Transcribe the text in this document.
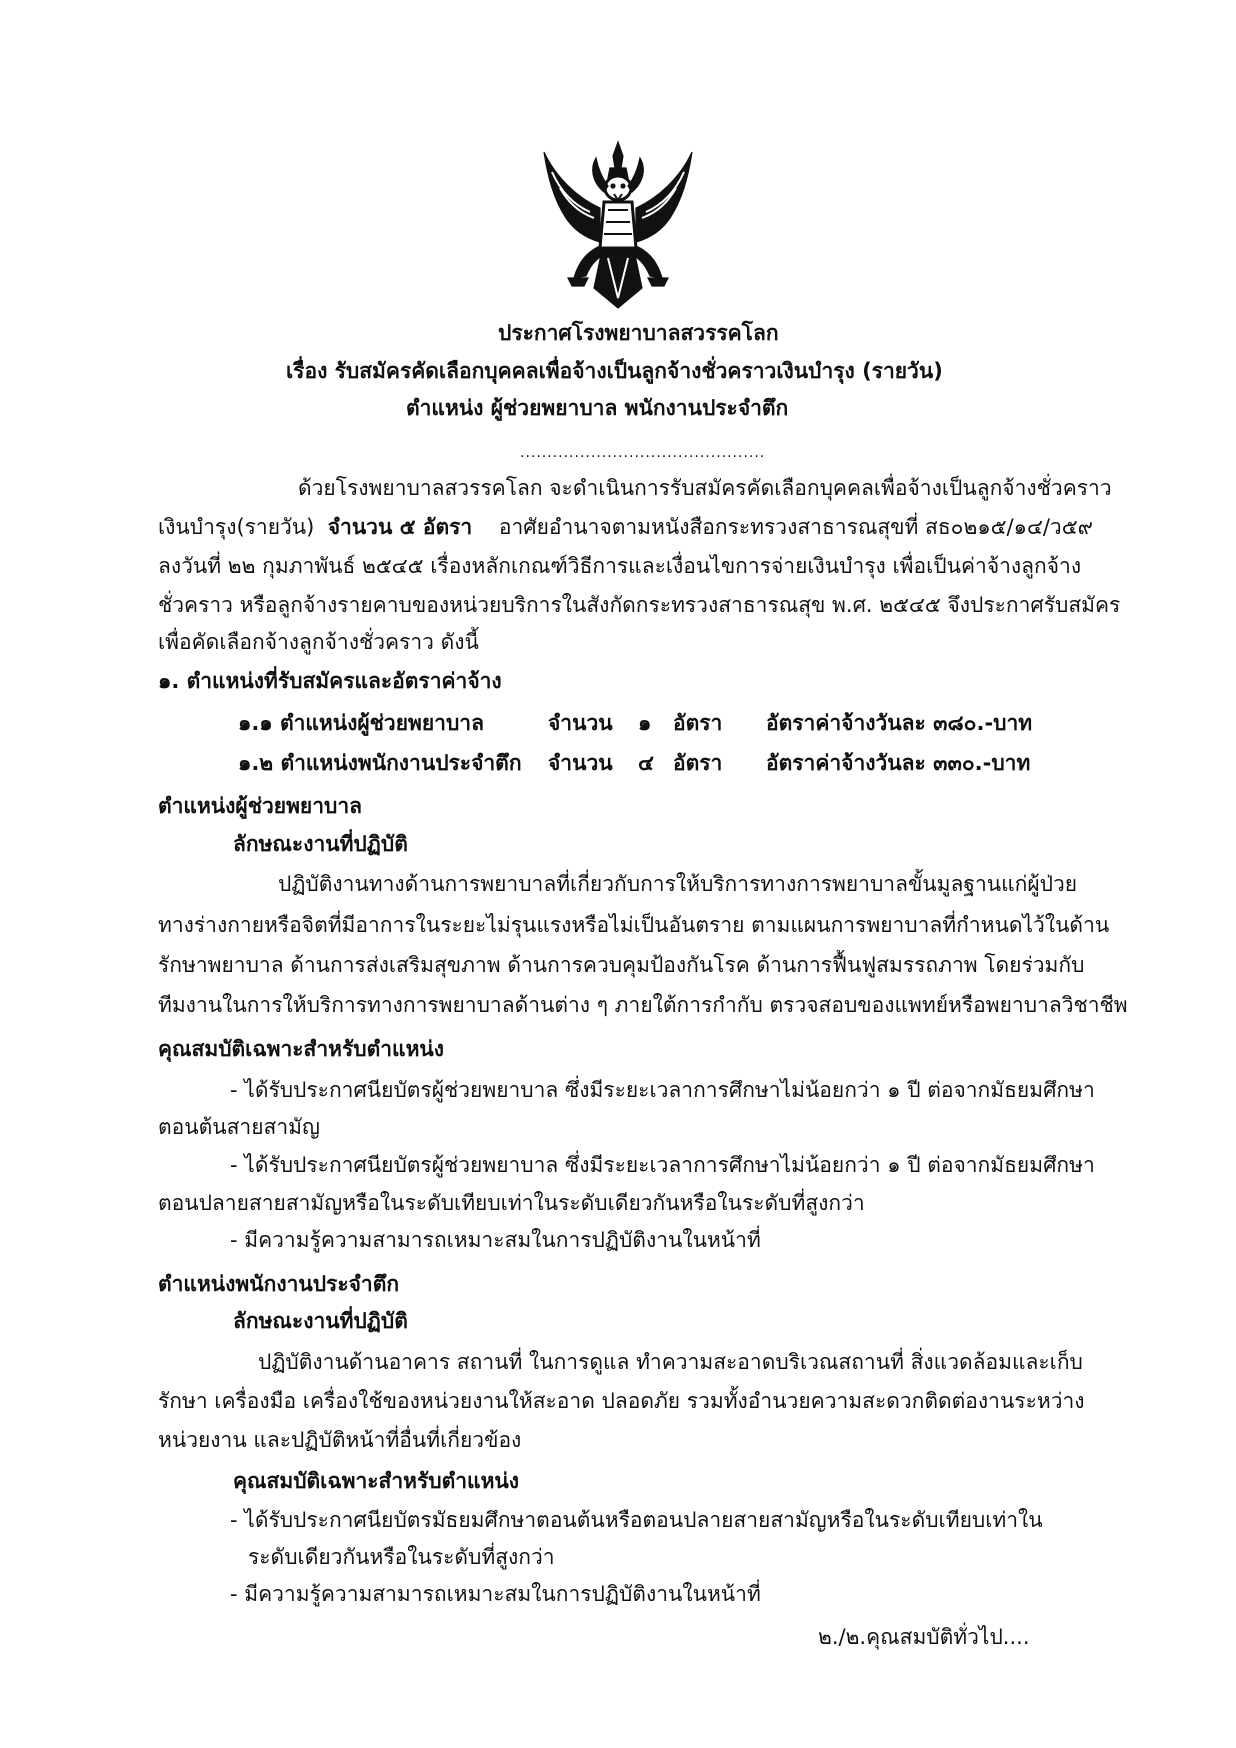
ประกาศโรงพยาบาลสวรรคโลก
เรื่อง รับสมัครคัดเลือกบุคคลเพื่อจ้างเป็นลูกจ้างชั่วคราวเงินบำรุง (รายวัน)
ตำแหน่ง ผู้ช่วยพยาบาล พนักงานประจำตึก
.............................................
ด้วยโรงพยาบาลสวรรคโลก จะดำเนินการรับสมัครคัดเลือกบุคคลเพื่อจ้างเป็นลูกจ้างชั่วคราว
เงินบำรุง(รายวัน) จำนวน ๕ อัตรา อาศัยอำนาจตามหนังสือกระทรวงสาธารณสุขที่ สธ๐๒๑๕/๑๔/ว๕๙
ลงวันที่ ๒๒ กุมภาพันธ์ ๒๕๔๕ เรื่องหลักเกณฑ์วิธีการและเงื่อนไขการจ่ายเงินบำรุง เพื่อเป็นค่าจ้างลูกจ้าง
ชั่วคราว หรือลูกจ้างรายคาบของหน่วยบริการในสังกัดกระทรวงสาธารณสุข พ.ศ. ๒๕๔๕ จึงประกาศรับสมัคร
เพื่อคัดเลือกจ้างลูกจ้างชั่วคราว ดังนี้
๑. ตำแหน่งที่รับสมัครและอัตราค่าจ้าง
๑.๑ ตำแหน่งผู้ช่วยพยาบาล	จำนวน ๑ อัตรา อัตราค่าจ้างวันละ ๓๘๐.-บาท
๑.๒ ตำแหน่งพนักงานประจำตึก จำนวน ๔ อัตรา อัตราค่าจ้างวันละ ๓๓๐.-บาท
ตำแหน่งผู้ช่วยพยาบาล
ลักษณะงานที่ปฏิบัติ
ปฏิบัติงานทางด้านการพยาบาลที่เกี่ยวกับการให้บริการทางการพยาบาลขั้นมูลฐานแก่ผู้ป่วย
ทางร่างกายหรือจิตที่มีอาการในระยะไม่รุนแรงหรือไม่เป็นอันตราย ตามแผนการพยาบาลที่กำหนดไว้ในด้าน
รักษาพยาบาล ด้านการส่งเสริมสุขภาพ ด้านการควบคุมป้องกันโรค ด้านการฟื้นฟูสมรรถภาพ โดยร่วมกับ
ทีมงานในการให้บริการทางการพยาบาลด้านต่าง ๆ ภายใต้การกำกับ ตรวจสอบของแพทย์หรือพยาบาลวิชาชีพ
คุณสมบัติเฉพาะสำหรับตำแหน่ง
- ได้รับประกาศนียบัตรผู้ช่วยพยาบาล ซึ่งมีระยะเวลาการศึกษาไม่น้อยกว่า ๑ ปี ต่อจากมัธยมศึกษา
ตอนต้นสายสามัญ
- ได้รับประกาศนียบัตรผู้ช่วยพยาบาล ซึ่งมีระยะเวลาการศึกษาไม่น้อยกว่า ๑ ปี ต่อจากมัธยมศึกษา
ตอนปลายสายสามัญหรือในระดับเทียบเท่าในระดับเดียวกันหรือในระดับที่สูงกว่า
- มีความรู้ความสามารถเหมาะสมในการปฏิบัติงานในหน้าที่
ตำแหน่งพนักงานประจำตึก
ลักษณะงานที่ปฏิบัติ
ปฏิบัติงานด้านอาคาร สถานที่ ในการดูแล ทำความสะอาดบริเวณสถานที่ สิ่งแวดล้อมและเก็บ
รักษา เครื่องมือ เครื่องใช้ของหน่วยงานให้สะอาด ปลอดภัย รวมทั้งอำนวยความสะดวกติดต่องานระหว่าง
หน่วยงาน และปฏิบัติหน้าที่อื่นที่เกี่ยวข้อง
คุณสมบัติเฉพาะสำหรับตำแหน่ง
- ได้รับประกาศนียบัตรมัธยมศึกษาตอนต้นหรือตอนปลายสายสามัญหรือในระดับเทียบเท่าใน
ระดับเดียวกันหรือในระดับที่สูงกว่า
- มีความรู้ความสามารถเหมาะสมในการปฏิบัติงานในหน้าที่
๒./๒.คุณสมบัติทั่วไป....
